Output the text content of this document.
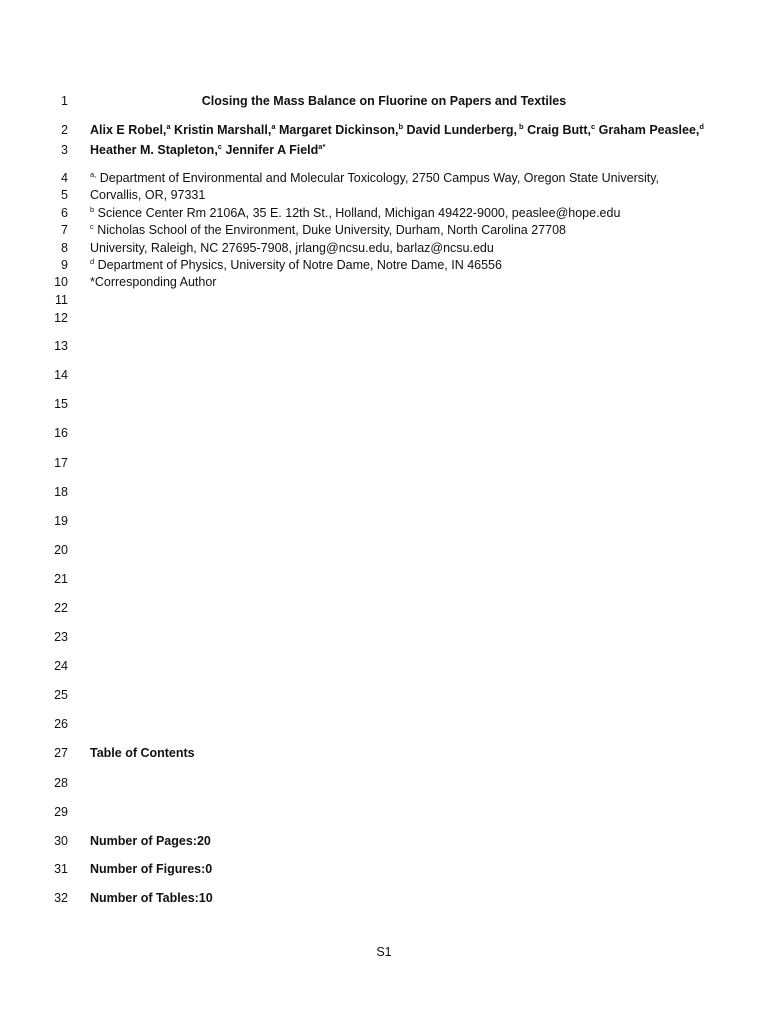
1
2
3
4
5
6
7
8
9
10
11
12
13
14
15
16
17
18
19
20
21
22
23
24
25
26
27
28
29
30
31
32
Closing the Mass Balance on Fluorine on Papers and Textiles
Alix E Robel,$^a$ Kristin Marshall,$^a$ Margaret Dickinson,$^b$ David Lunderberg, $^b$ Craig Butt,$^c$ Graham Peaslee,$^d$
Heather M. Stapleton,$^c$ Jennifer A Field$^{a*}$
$^{a,}$ Department of Environmental and Molecular Toxicology, 2750 Campus Way, Oregon State University,
Corvallis, OR, 97331
$^b$ Science Center Rm 2106A, 35 E. 12th St., Holland, Michigan 49422-9000, peaslee@hope.edu
$^c$ Nicholas School of the Environment, Duke University, Durham, North Carolina 27708
University, Raleigh, NC 27695-7908, jrlang@ncsu.edu, barlaz@ncsu.edu
$^d$ Department of Physics, University of Notre Dame, Notre Dame, IN 46556
*Corresponding Author
Table of Contents
Number of Pages:20
Number of Figures:0
Number of Tables:10
S1
